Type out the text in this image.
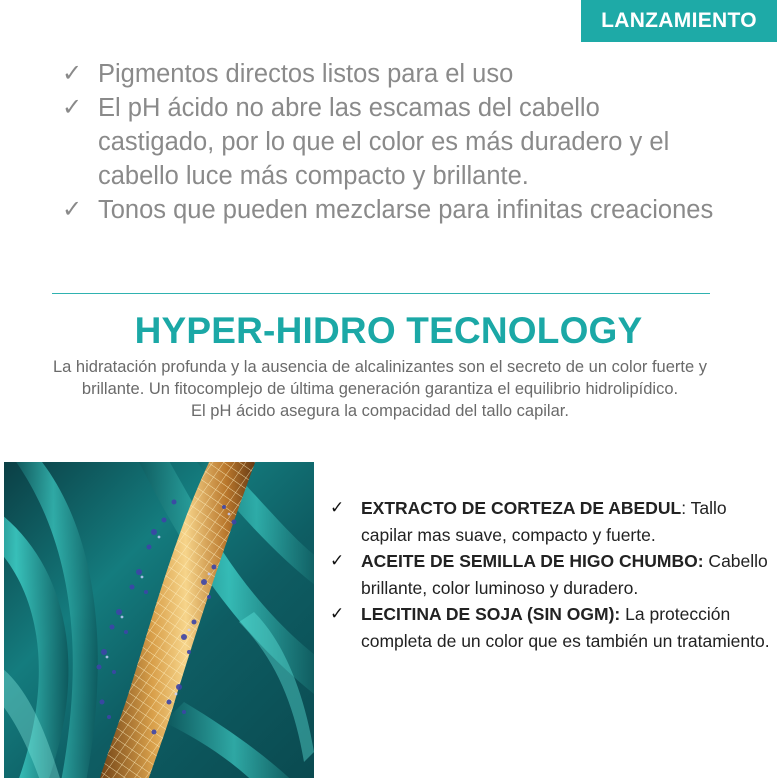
LANZAMIENTO
✓ Pigmentos directos listos para el uso
✓ El pH ácido no abre las escamas del cabello castigado, por lo que el color es más duradero y el cabello luce más compacto y brillante.
✓ Tonos que pueden mezclarse para infinitas creaciones
HYPER-HIDRO TECNOLOGY
La hidratación profunda y la ausencia de alcalinizantes son el secreto de un color fuerte y brillante. Un fitocomplejo de última generación garantiza el equilibrio hidrolipídico.
El pH ácido asegura la compacidad del tallo capilar.
✓ EXTRACTO DE CORTEZA DE ABEDUL: Tallo capilar mas suave, compacto y fuerte.
✓ ACEITE DE SEMILLA DE HIGO CHUMBO: Cabello brillante, color luminoso y duradero.
✓ LECITINA DE SOJA (SIN OGM): La protección completa de un color que es también un tratamiento.
